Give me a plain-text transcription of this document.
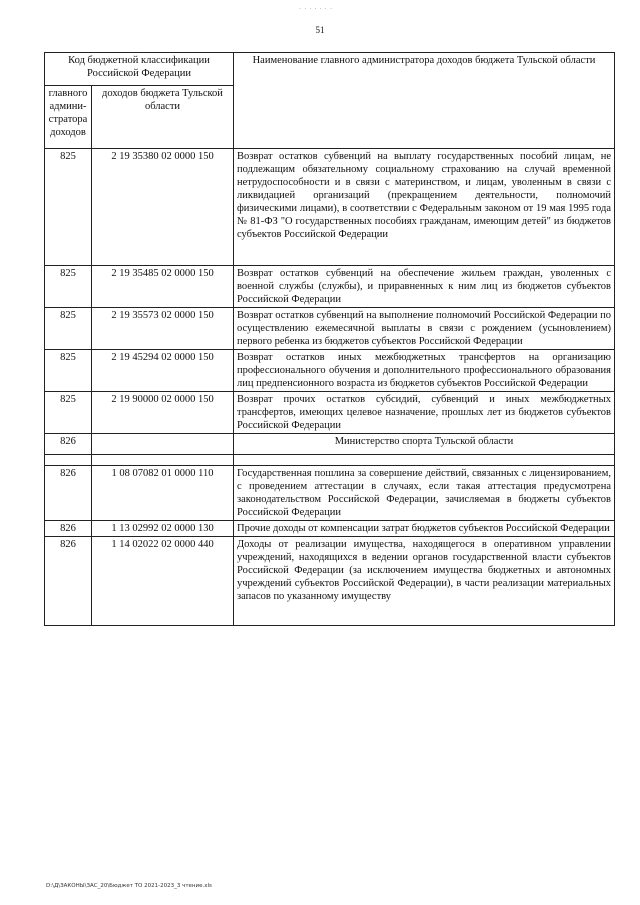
· · · · · · ·
51
Код бюджетной классификации Российской Федерации		Наименование главного администратора доходов бюджета Тульской области
главного админи-стратора доходов	доходов бюджета Тульской области	
825	2 19 35380 02 0000 150	Возврат остатков субвенций на выплату государственных пособий лицам, не подлежащим обязательному социальному страхованию на случай временной нетрудоспособности и в связи с материнством, и лицам, уволенным в связи с ликвидацией организаций (прекращением деятельности, полномочий физическими лицами), в соответствии с Федеральным законом от 19 мая 1995 года № 81-ФЗ "О государственных пособиях гражданам, имеющим детей" из бюджетов субъектов Российской Федерации
825	2 19 35485 02 0000 150	Возврат остатков субвенций на обеспечение жильем граждан, уволенных с военной службы (службы), и приравненных к ним лиц из бюджетов субъектов Российской Федерации
825	2 19 35573 02 0000 150	Возврат остатков субвенций на выполнение полномочий Российской Федерации по осуществлению ежемесячной выплаты в связи с рождением (усыновлением) первого ребенка из бюджетов субъектов Российской Федерации
825	2 19 45294 02 0000 150	Возврат остатков иных межбюджетных трансфертов на организацию профессионального обучения и дополнительного профессионального образования лиц предпенсионного возраста из бюджетов субъектов Российской Федерации
825	2 19 90000 02 0000 150	Возврат прочих остатков субсидий, субвенций и иных межбюджетных трансфертов, имеющих целевое назначение, прошлых лет из бюджетов субъектов Российской Федерации
826		Министерство спорта Тульской области

826	1 08 07082 01 0000 110	Государственная пошлина за совершение действий, связанных с лицензированием, с проведением аттестации в случаях, если такая аттестация предусмотрена законодательством Российской Федерации, зачисляемая в бюджеты субъектов Российской Федерации
826	1 13 02992 02 0000 130	Прочие доходы от компенсации затрат бюджетов субъектов Российской Федерации
826	1 14 02022 02 0000 440	Доходы от реализации имущества, находящегося в оперативном управлении учреждений, находящихся в ведении органов государственной власти субъектов Российской Федерации (за исключением имущества бюджетных и автономных учреждений субъектов Российской Федерации), в части реализации материальных запасов по указанному имуществу
D:\Д\ЗАКОНЫ\ЗАС_20\Бюджет ТО 2021-2023_3 чтение.xls
